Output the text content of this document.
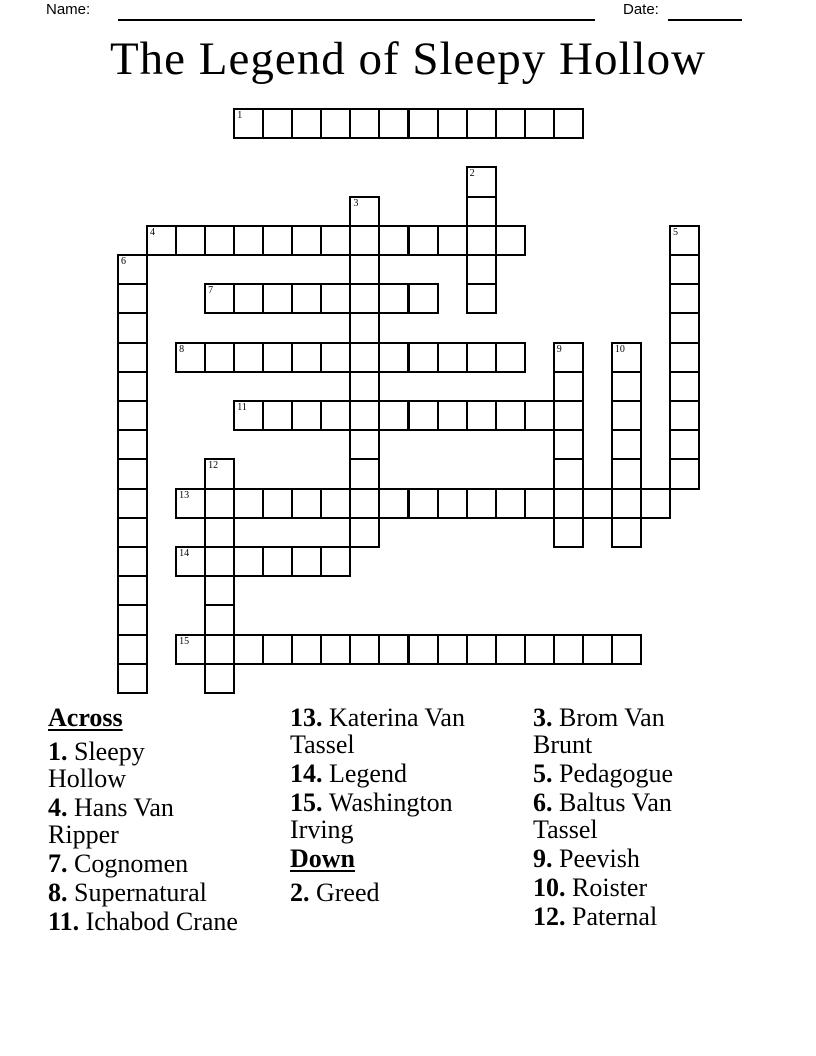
Name:	Date:
The Legend of Sleepy Hollow
1
2
3
4	5
6
7
8	9	10
11
12
13
14
15
Across
1. Sleepy
Hollow
4. Hans Van
Ripper
7. Cognomen
8. Supernatural
11. Ichabod Crane
13. Katerina Van
Tassel
14. Legend
15. Washington
Irving
Down
2. Greed
3. Brom Van
Brunt
5. Pedagogue
6. Baltus Van
Tassel
9. Peevish
10. Roister
12. Paternal
